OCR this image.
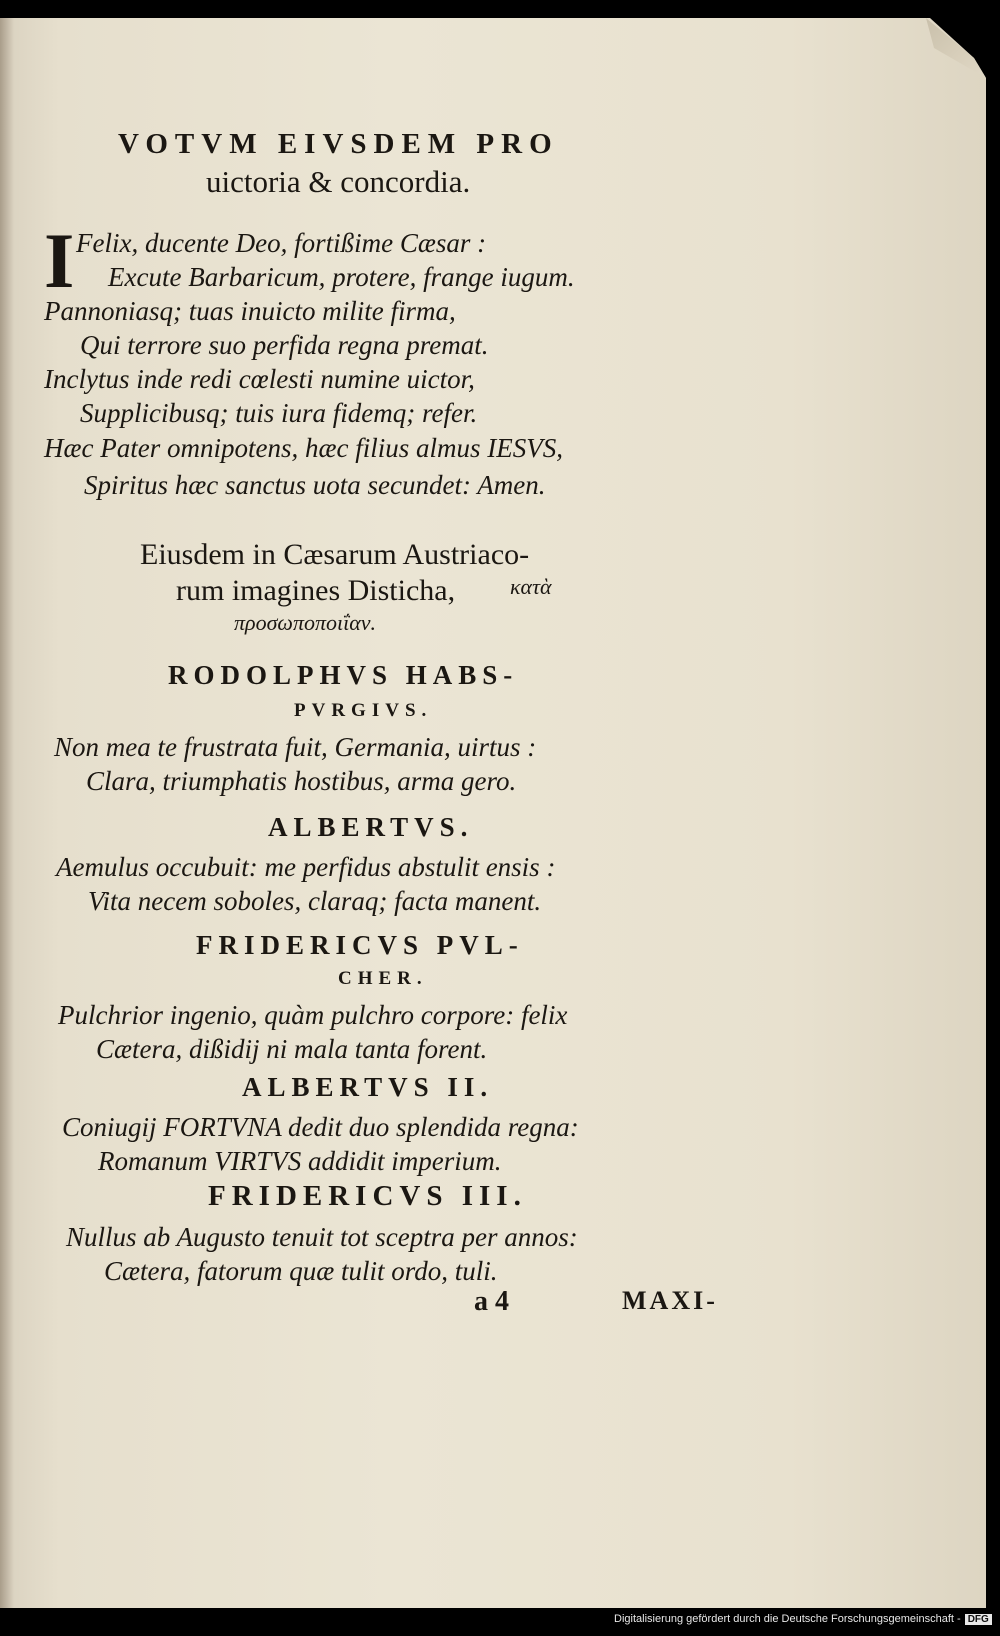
VOTVM EIVSDEM PRO
uictoria & concordia.
I Felix, ducente Deo, fortißime Cæsar :
Excute Barbaricum, protere, frange iugum.
Pannoniasq; tuas inuicto milite firma,
Qui terrore suo perfida regna premat.
Inclytus inde redi cœlesti numine uictor,
Supplicibusq; tuis iura fidemq; refer.
Hæc Pater omnipotens, hæc filius almus IESVS,
Spiritus hæc sanctus uota secundet: Amen.
Eiusdem in Cæsarum Austriaco-
rum imagines Disticha, κατὰ
προσωποποιΐαν.
RODOLPHVS HABS-
PVRGIVS.
Non mea te frustrata fuit, Germania, uirtus :
Clara, triumphatis hostibus, arma gero.
ALBERTVS.
Aemulus occubuit: me perfidus abstulit ensis :
Vita necem soboles, claraq; facta manent.
FRIDERICVS PVL-
CHER.
Pulchrior ingenio, quàm pulchro corpore: felix
Cætera, dißidij ni mala tanta forent.
ALBERTVS II.
Coniugij FORTVNA dedit duo splendida regna:
Romanum VIRTVS addidit imperium.
FRIDERICVS III.
Nullus ab Augusto tenuit tot sceptra per annos:
Cætera, fatorum quæ tulit ordo, tuli.
a 4	MAXI-
Digitalisierung gefördert durch die Deutsche Forschungsgemeinschaft - DFG
